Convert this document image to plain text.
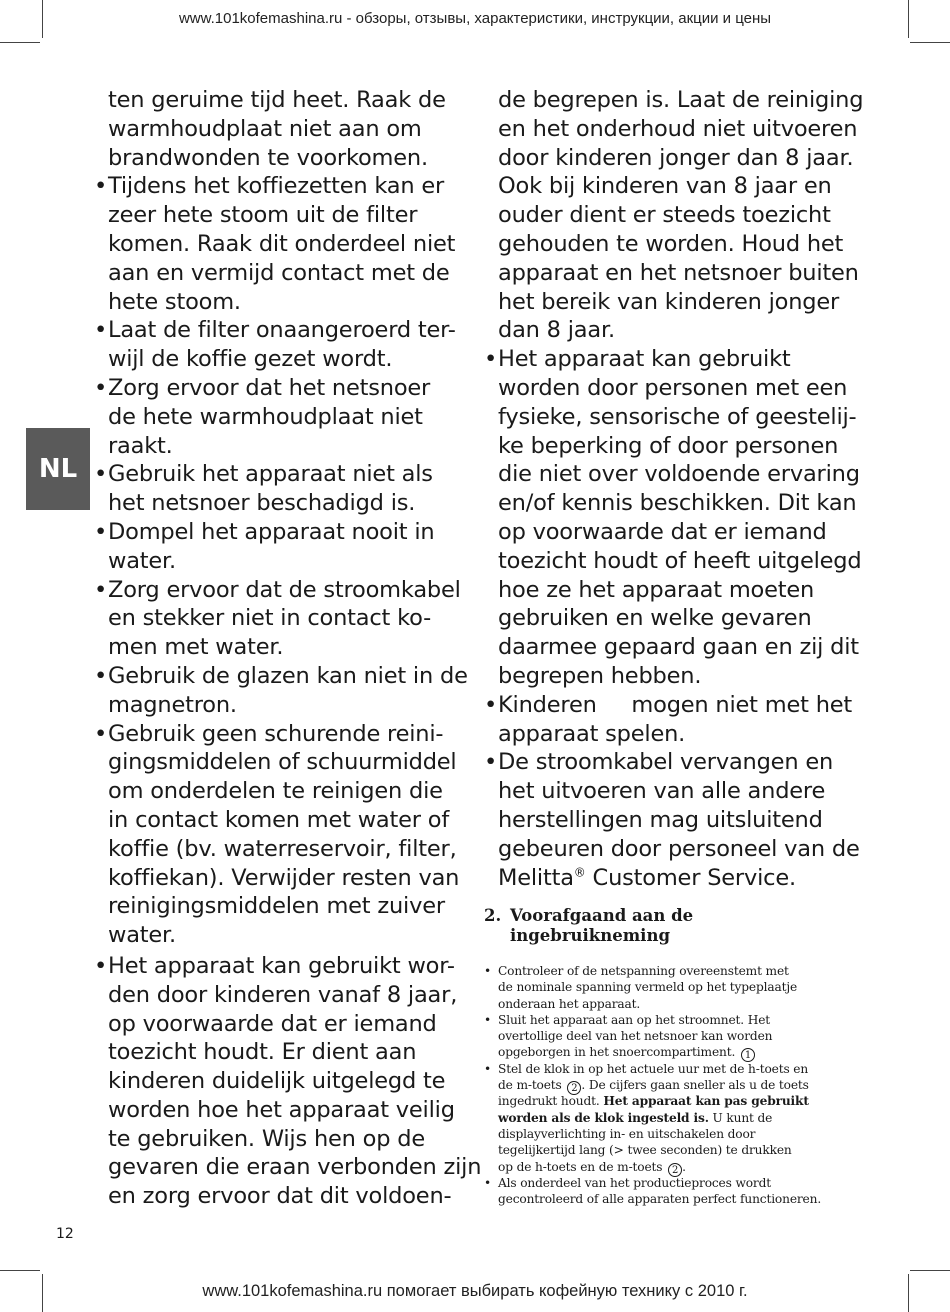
www.101kofemashina.ru - обзоры, отзывы, характеристики, инструкции, акции и цены
www.101kofemashina.ru помогает выбирать кофейную технику с 2010 г.
NL
12
ten geruime tijd heet. Raak de
warmhoudplaat niet aan om
brandwonden te voorkomen.
• Tijdens het koffiezetten kan er
zeer hete stoom uit de filter
komen. Raak dit onderdeel niet
aan en vermijd contact met de
hete stoom.
• Laat de filter onaangeroerd ter-
wijl de koffie gezet wordt.
• Zorg ervoor dat het netsnoer
de hete warmhoudplaat niet
raakt.
• Gebruik het apparaat niet als
het netsnoer beschadigd is.
• Dompel het apparaat nooit in
water.
• Zorg ervoor dat de stroomkabel
en stekker niet in contact ko-
men met water.
• Gebruik de glazen kan niet in de
magnetron.
• Gebruik geen schurende reini-
gingsmiddelen of schuurmiddel
om onderdelen te reinigen die
in contact komen met water of
koffie (bv. waterreservoir, filter,
koffiekan). Verwijder resten van
reinigingsmiddelen met zuiver
water.
• Het apparaat kan gebruikt wor-
den door kinderen vanaf 8 jaar,
op voorwaarde dat er iemand
toezicht houdt. Er dient aan
kinderen duidelijk uitgelegd te
worden hoe het apparaat veilig
te gebruiken. Wijs hen op de
gevaren die eraan verbonden zijn
en zorg ervoor dat dit voldoen-
de begrepen is. Laat de reiniging
en het onderhoud niet uitvoeren
door kinderen jonger dan 8 jaar.
Ook bij kinderen van 8 jaar en
ouder dient er steeds toezicht
gehouden te worden. Houd het
apparaat en het netsnoer buiten
het bereik van kinderen jonger
dan 8 jaar.
• Het apparaat kan gebruikt
worden door personen met een
fysieke, sensorische of geestelij-
ke beperking of door personen
die niet over voldoende ervaring
en/of kennis beschikken. Dit kan
op voorwaarde dat er iemand
toezicht houdt of heeft uitgelegd
hoe ze het apparaat moeten
gebruiken en welke gevaren
daarmee gepaard gaan en zij dit
begrepen hebben.
• Kinderen     mogen niet met het
apparaat spelen.
• De stroomkabel vervangen en
het uitvoeren van alle andere
herstellingen mag uitsluitend
gebeuren door personeel van de
Melitta® Customer Service.
2. Voorafgaand aan de
ingebruikneming
• Controleer of de netspanning overeenstemt met
de nominale spanning vermeld op het typeplaatje
onderaan het apparaat.
• Sluit het apparaat aan op het stroomnet. Het
overtollige deel van het netsnoer kan worden
opgeborgen in het snoercompartiment. 1
• Stel de klok in op het actuele uur met de h-toets en
de m-toets 2 . De cijfers gaan sneller als u de toets
ingedrukt houdt. Het apparaat kan pas gebruikt
worden als de klok ingesteld is. U kunt de
displayverlichting in- en uitschakelen door
tegelijkertijd lang (> twee seconden) te drukken
op de h-toets en de m-toets 2 .
• Als onderdeel van het productieproces wordt
gecontroleerd of alle apparaten perfect functioneren.
